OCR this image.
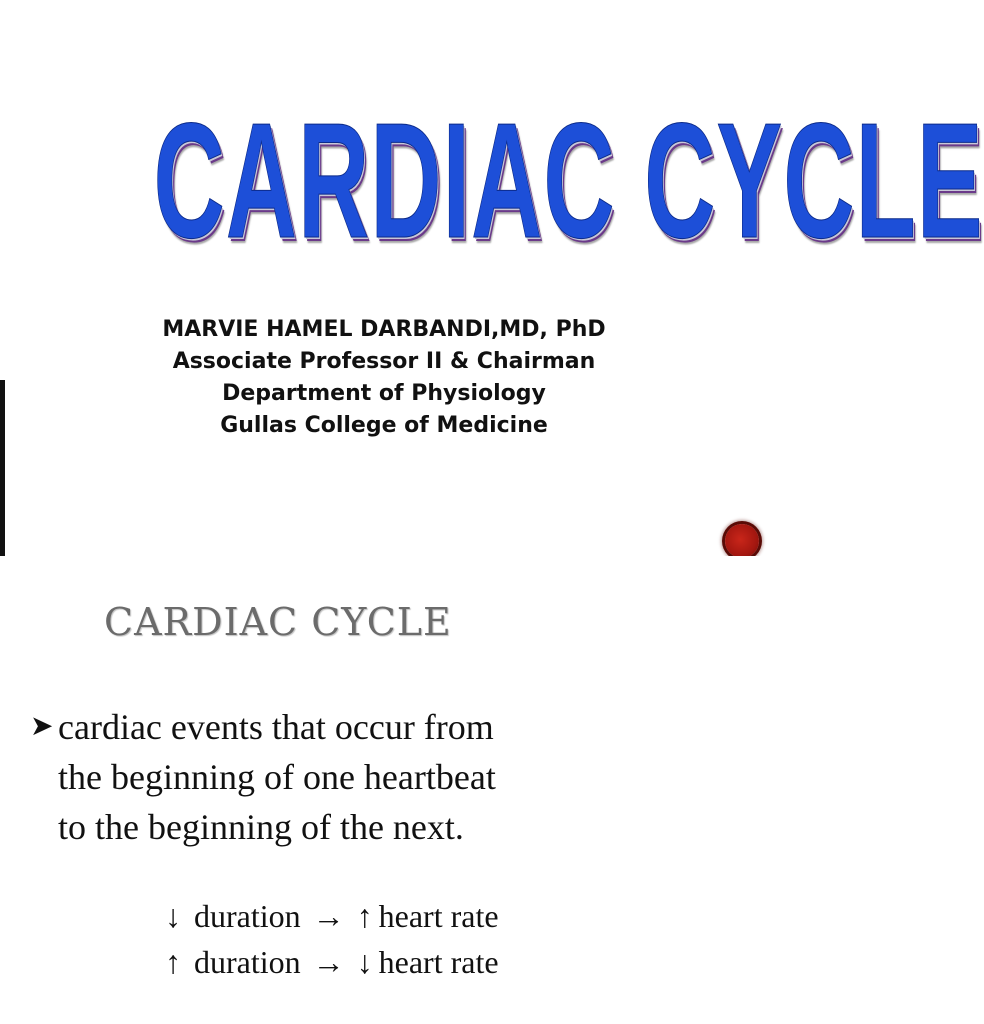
CARDIAC CYCLE
MARVIE HAMEL DARBANDI,MD, PhD
Associate Professor II & Chairman
Department of Physiology
Gullas College of Medicine
CARDIAC CYCLE
➤ cardiac events that occur from
the beginning of one heartbeat
to the beginning of the next.
↓ duration → ↑ heart rate
↑ duration → ↓ heart rate
